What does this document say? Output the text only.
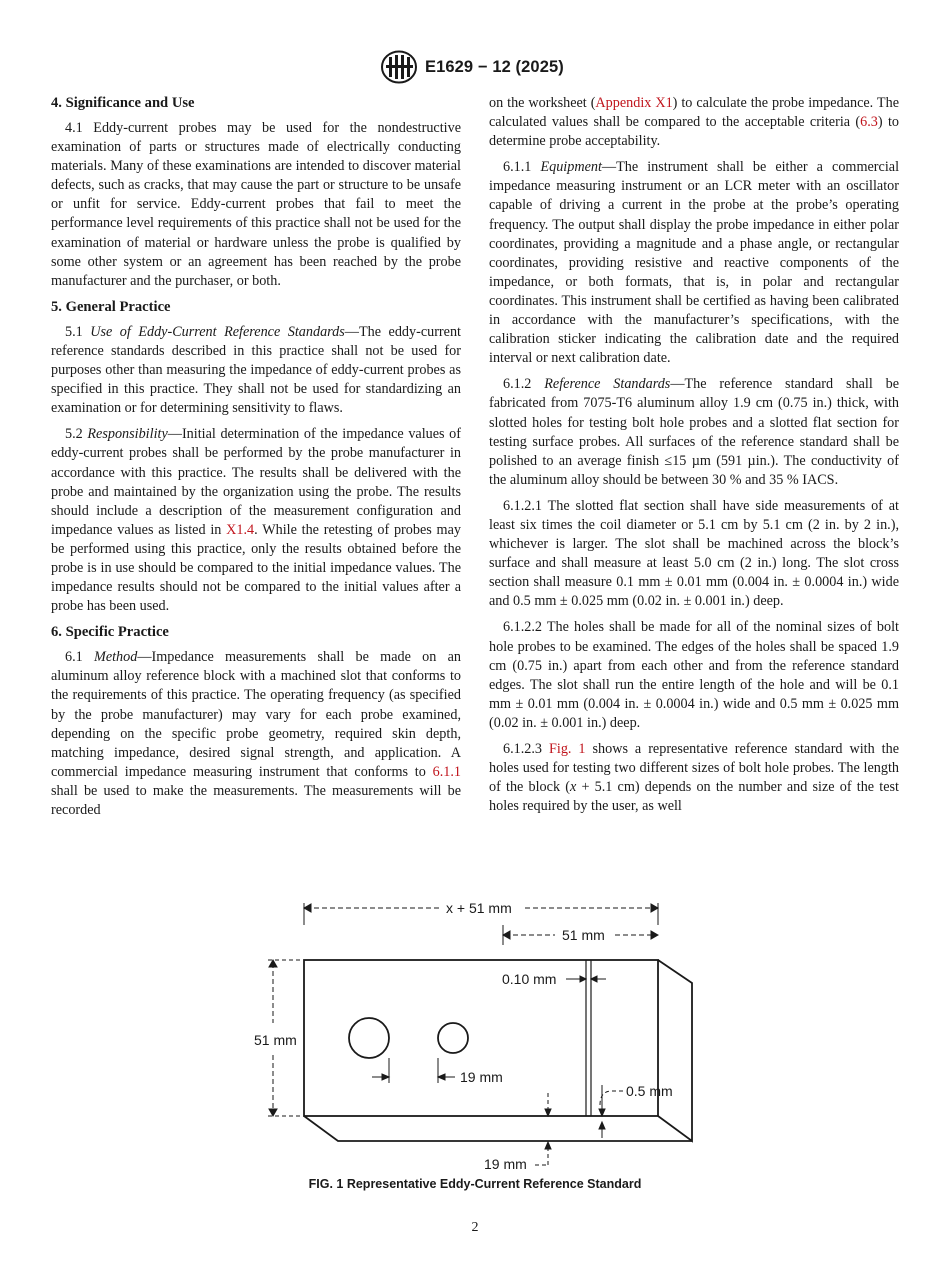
E1629 − 12 (2025)
4. Significance and Use

4.1 Eddy-current probes may be used for the nondestructive examination of parts or structures made of electrically conducting materials. Many of these examinations are intended to discover material defects, such as cracks, that may cause the part or structure to be unsafe or unfit for service. Eddy-current probes that fail to meet the performance level requirements of this practice shall not be used for the examination of material or hardware unless the probe is qualified by some other system or an agreement has been reached by the probe manufacturer and the purchaser, or both.

5. General Practice

5.1 Use of Eddy-Current Reference Standards—The eddy-current reference standards described in this practice shall not be used for purposes other than measuring the impedance of eddy-current probes as specified in this practice. They shall not be used for standardizing an examination or for determining sensitivity to flaws.

5.2 Responsibility—Initial determination of the impedance values of eddy-current probes shall be performed by the probe manufacturer in accordance with this practice. The results shall be delivered with the probe and maintained by the organization using the probe. The results should include a description of the measurement configuration and impedance values as listed in X1.4. While the retesting of probes may be performed using this practice, only the results obtained before the probe is in use should be compared to the initial impedance values. The impedance results should not be compared to the initial values after a probe has been used.

6. Specific Practice

6.1 Method—Impedance measurements shall be made on an aluminum alloy reference block with a machined slot that conforms to the requirements of this practice. The operating frequency (as specified by the probe manufacturer) may vary for each probe examined, depending on the specific probe geometry, required skin depth, matching impedance, desired signal strength, and application. A commercial impedance measuring instrument that conforms to 6.1.1 shall be used to make the measurements. The measurements will be recorded

on the worksheet (Appendix X1) to calculate the probe impedance. The calculated values shall be compared to the acceptable criteria (6.3) to determine probe acceptability.

6.1.1 Equipment—The instrument shall be either a commercial impedance measuring instrument or an LCR meter with an oscillator capable of driving a current in the probe at the probe’s operating frequency. The output shall display the probe impedance in either polar coordinates, providing a magnitude and a phase angle, or rectangular coordinates, providing resistive and reactive components of the impedance, or both formats, that is, in polar and rectangular coordinates. This instrument shall be certified as having been calibrated in accordance with the manufacturer’s specifications, with the calibration sticker indicating the calibration date and the required interval or next calibration date.

6.1.2 Reference Standards—The reference standard shall be fabricated from 7075-T6 aluminum alloy 1.9 cm (0.75 in.) thick, with slotted holes for testing bolt hole probes and a slotted flat section for testing surface probes. All surfaces of the reference standard shall be polished to an average finish ≤15 µm (591 µin.). The conductivity of the aluminum alloy should be between 30 % and 35 % IACS.

6.1.2.1 The slotted flat section shall have side measurements of at least six times the coil diameter or 5.1 cm by 5.1 cm (2 in. by 2 in.), whichever is larger. The slot shall be machined across the block’s surface and shall measure at least 5.0 cm (2 in.) long. The slot cross section shall measure 0.1 mm ± 0.01 mm (0.004 in. ± 0.0004 in.) wide and 0.5 mm ± 0.025 mm (0.02 in. ± 0.001 in.) deep.

6.1.2.2 The holes shall be made for all of the nominal sizes of bolt hole probes to be examined. The edges of the holes shall be spaced 1.9 cm (0.75 in.) apart from each other and from the reference standard edges. The slot shall run the entire length of the hole and will be 0.1 mm ± 0.01 mm (0.004 in. ± 0.0004 in.) wide and 0.5 mm ± 0.025 mm (0.02 in. ± 0.001 in.) deep.

6.1.2.3 Fig. 1 shows a representative reference standard with the holes used for testing two different sizes of bolt hole probes. The length of the block (x + 5.1 cm) depends on the number and size of the test holes required by the user, as well

x + 51 mm
51 mm
0.10 mm
51 mm
19 mm
0.5 mm
19 mm
FIG. 1 Representative Eddy-Current Reference Standard
2
